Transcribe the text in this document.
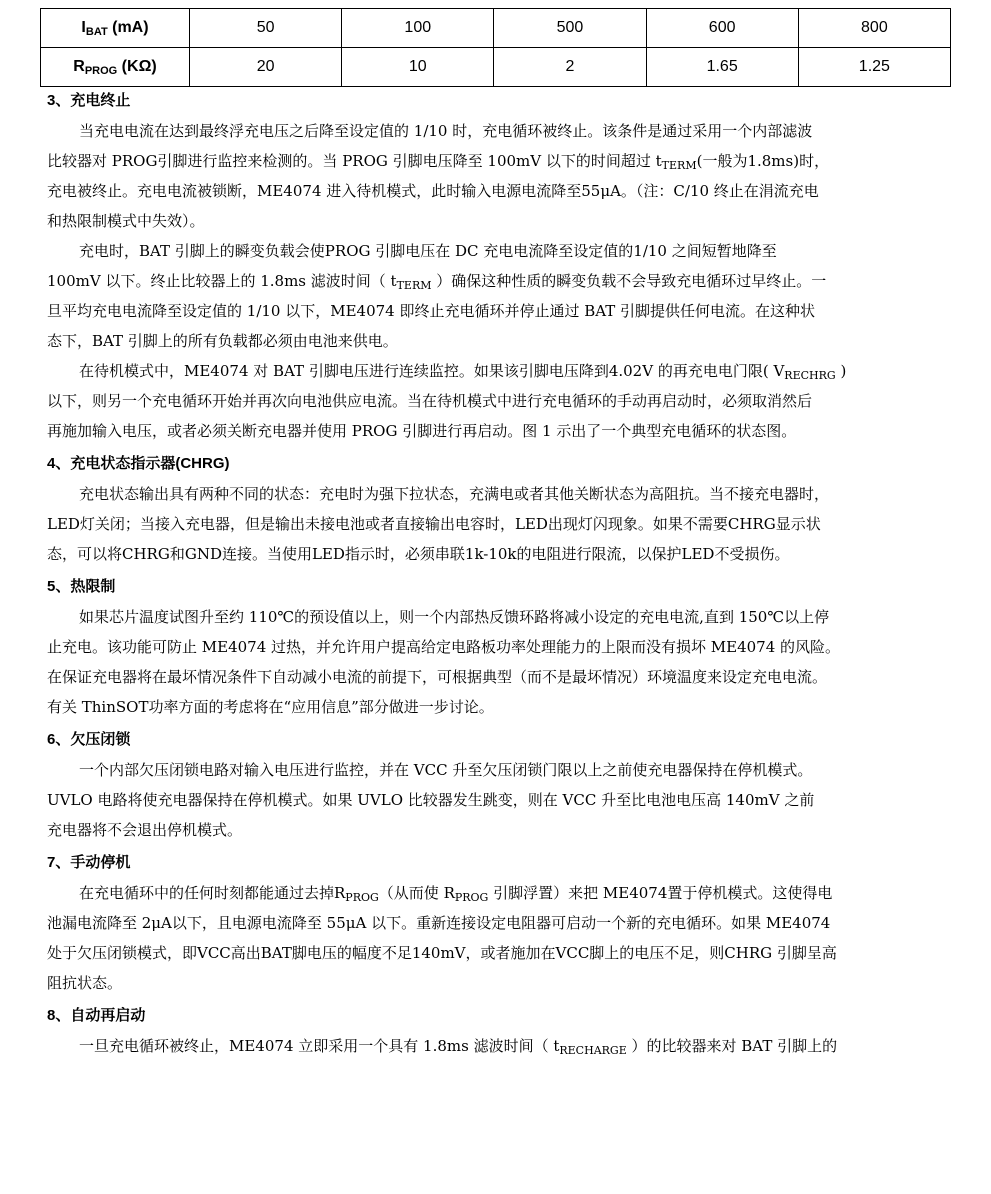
$I_{BAT}$ (mA)	50	100	500	600	800
$R_{PROG}$ (KΩ)	20	10	2	1.65	1.25
3、充电终止
当充电电流在达到最终浮充电压之后降至设定值的 1/10 时，充电循环被终止。该条件是通过采用一个内部滤波
比较器对 PROG引脚进行监控来检测的。当 PROG 引脚电压降至 100mV 以下的时间超过 $t_{TERM}$(一般为1.8ms)时，
充电被终止。充电电流被锁断，ME4074 进入待机模式，此时输入电源电流降至55μA。（注：C/10 终止在涓流充电
和热限制模式中失效）。
充电时，BAT 引脚上的瞬变负载会使PROG 引脚电压在 DC 充电电流降至设定值的1/10 之间短暂地降至
100mV 以下。终止比较器上的 1.8ms 滤波时间（ $t_{TERM}$ ）确保这种性质的瞬变负载不会导致充电循环过早终止。一
旦平均充电电流降至设定值的 1/10 以下，ME4074 即终止充电循环并停止通过 BAT 引脚提供任何电流。在这种状
态下，BAT 引脚上的所有负载都必须由电池来供电。
在待机模式中，ME4074 对 BAT 引脚电压进行连续监控。如果该引脚电压降到4.02V 的再充电电门限( $V_{RECHRG}$ )
以下，则另一个充电循环开始并再次向电池供应电流。当在待机模式中进行充电循环的手动再启动时，必须取消然后
再施加输入电压，或者必须关断充电器并使用 PROG 引脚进行再启动。图 1 示出了一个典型充电循环的状态图。
4、充电状态指示器(CHRG)
充电状态输出具有两种不同的状态：充电时为强下拉状态，充满电或者其他关断状态为高阻抗。当不接充电器时，
LED灯关闭；当接入充电器，但是输出未接电池或者直接输出电容时，LED出现灯闪现象。如果不需要CHRG显示状
态，可以将CHRG和GND连接。当使用LED指示时，必须串联1k-10k的电阻进行限流，以保护LED不受损伤。
5、热限制
如果芯片温度试图升至约 110℃的预设值以上，则一个内部热反馈环路将减小设定的充电电流,直到 150℃以上停
止充电。该功能可防止 ME4074 过热，并允许用户提高给定电路板功率处理能力的上限而没有损坏 ME4074 的风险。
在保证充电器将在最坏情况条件下自动减小电流的前提下，可根据典型（而不是最坏情况）环境温度来设定充电电流。
有关 ThinSOT功率方面的考虑将在“应用信息”部分做进一步讨论。
6、欠压闭锁
一个内部欠压闭锁电路对输入电压进行监控，并在 VCC 升至欠压闭锁门限以上之前使充电器保持在停机模式。
UVLO 电路将使充电器保持在停机模式。如果 UVLO 比较器发生跳变，则在 VCC 升至比电池电压高 140mV 之前
充电器将不会退出停机模式。
7、手动停机
在充电循环中的任何时刻都能通过去掉$R_{PROG}$（从而使 $R_{PROG}$ 引脚浮置）来把 ME4074置于停机模式。这使得电
池漏电流降至 2μA以下，且电源电流降至 55μA 以下。重新连接设定电阻器可启动一个新的充电循环。如果 ME4074
处于欠压闭锁模式，即VCC高出BAT脚电压的幅度不足140mV，或者施加在VCC脚上的电压不足，则CHRG 引脚呈高
阻抗状态。
8、自动再启动
一旦充电循环被终止，ME4074 立即采用一个具有 1.8ms 滤波时间（ $t_{RECHARGE}$ ）的比较器来对 BAT 引脚上的
